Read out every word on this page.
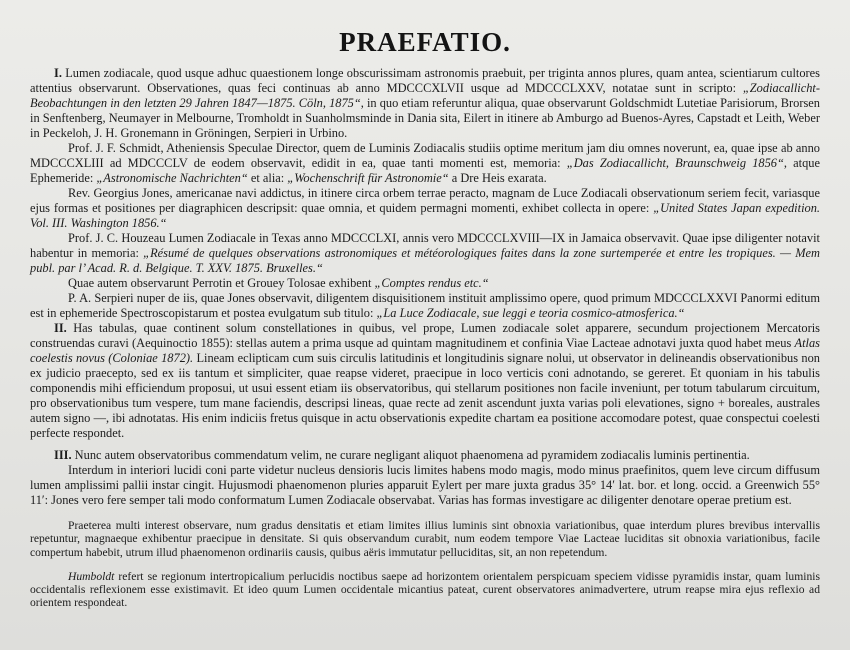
PRAEFATIO.

I. Lumen zodiacale, quod usque adhuc quaestionem longe obscurissimam astronomis praebuit, per triginta annos plures, quam antea, scientiarum cultores attentius observarunt. Observationes, quas feci continuas ab anno MDCCCXLVII usque ad MDCCCLXXV, notatae sunt in scripto: „Zodiacallicht-Beobachtungen in den letzten 29 Jahren 1847—1875. Cöln, 1875“, in quo etiam referuntur aliqua, quae observarunt Goldschmidt Lutetiae Parisiorum, Brorsen in Senftenberg, Neumayer in Melbourne, Tromholdt in Suanholmsminde in Dania sita, Eilert in itinere ab Amburgo ad Buenos-Ayres, Capstadt et Leith, Weber in Peckeloh, J. H. Gronemann in Gröningen, Serpieri in Urbino.

Prof. J. F. Schmidt, Atheniensis Speculae Director, quem de Luminis Zodiacalis studiis optime meritum jam diu omnes noverunt, ea, quae ipse ab anno MDCCCXLIII ad MDCCCLV de eodem observavit, edidit in ea, quae tanti momenti est, memoria: „Das Zodiacallicht, Braunschweig 1856“, atque Ephemeride: „Astronomische Nachrichten“ et alia: „Wochenschrift für Astronomie“ a Dre Heis exarata.

Rev. Georgius Jones, americanae navi addictus, in itinere circa orbem terrae peracto, magnam de Luce Zodiacali observationum seriem fecit, variasque ejus formas et positiones per diagraphicen descripsit: quae omnia, et quidem permagni momenti, exhibet collecta in opere: „United States Japan expedition. Vol. III. Washington 1856.“

Prof. J. C. Houzeau Lumen Zodiacale in Texas anno MDCCCLXI, annis vero MDCCCLXVIII—IX in Jamaica observavit. Quae ipse diligenter notavit habentur in memoria: „Résumé de quelques observations astronomiques et météorologiques faites dans la zone surtemperée et entre les tropiques. — Mem publ. par l’ Acad. R. d. Belgique. T. XXV. 1875. Bruxelles.“

Quae autem observarunt Perrotin et Grouey Tolosae exhibent „Comptes rendus etc.“

P. A. Serpieri nuper de iis, quae Jones observavit, diligentem disquisitionem instituit amplissimo opere, quod primum MDCCCLXXVI Panormi editum est in ephemeride Spectroscopistarum et postea evulgatum sub titulo: „La Luce Zodiacale, sue leggi e teoria cosmico-atmosferica.“

II. Has tabulas, quae continent solum constellationes in quibus, vel prope, Lumen zodiacale solet apparere, secundum projectionem Mercatoris construendas curavi (Aequinoctio 1855): stellas autem a prima usque ad quintam magnitudinem et confinia Viae Lacteae adnotavi juxta quod habet meus Atlas coelestis novus (Coloniae 1872). Lineam eclipticam cum suis circulis latitudinis et longitudinis signare nolui, ut observator in delineandis observationibus non ex judicio praecepto, sed ex iis tantum et simpliciter, quae reapse videret, praecipue in loco verticis coni adnotando, se gereret. Et quoniam in his tabulis componendis mihi efficiendum proposui, ut usui essent etiam iis observatoribus, qui stellarum positiones non facile inveniunt, per totum tabularum circuitum, pro observationibus tum vespere, tum mane faciendis, descripsi lineas, quae recte ad zenit ascendunt juxta varias poli elevationes, signo + boreales, australes autem signo —, ibi adnotatas. His enim indiciis fretus quisque in actu observationis expedite chartam ea positione accomodare potest, quae conspectui coelesti perfecte respondet.

III. Nunc autem observatoribus commendatum velim, ne curare negligant aliquot phaenomena ad pyramidem zodiacalis luminis pertinentia.

Interdum in interiori lucidi coni parte videtur nucleus densioris lucis limites habens modo magis, modo minus praefinitos, quem leve circum diffusum lumen amplissimi pallii instar cingit. Hujusmodi phaenomenon pluries apparuit Eylert per mare juxta gradus 35° 14′ lat. bor. et long. occid. a Greenwich 55° 11′: Jones vero fere semper tali modo conformatum Lumen Zodiacale observabat. Varias has formas investigare ac diligenter denotare operae pretium est.

Praeterea multi interest observare, num gradus densitatis et etiam limites illius luminis sint obnoxia variationibus, quae interdum plures brevibus intervallis repetuntur, magnaeque exhibentur praecipue in densitate. Si quis observandum curabit, num eodem tempore Viae Lacteae luciditas sit obnoxia variationibus, facile compertum habebit, utrum illud phaenomenon ordinariis causis, quibus aëris immutatur pelluciditas, sit, an non repetendum.

Humboldt refert se regionum intertropicalium perlucidis noctibus saepe ad horizontem orientalem perspicuam speciem vidisse pyramidis instar, quam luminis occidentalis reflexionem esse existimavit. Et ideo quum Lumen occidentale micantius pateat, curent observatores animadvertere, utrum reapse mira ejus reflexio ad orientem respondeat.
